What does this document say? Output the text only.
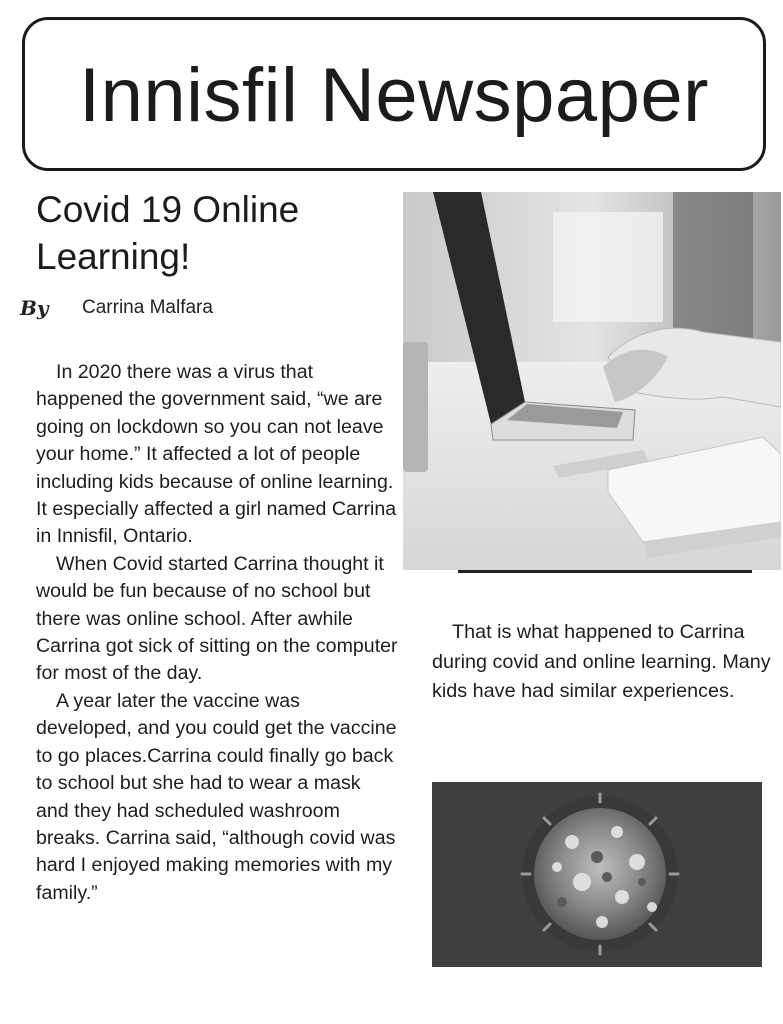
Innisfil Newspaper
Covid 19 Online
Learning!
By Carrina Malfara

In 2020 there was a virus that happened the government said, “we are going on lockdown so you can not leave your home.” It affected a lot of people including kids because of online learning. It especially affected a girl named Carrina in Innisfil, Ontario.

When Covid started Carrina thought it would be fun because of no school but there was online school. After awhile Carrina got sick of sitting on the computer for most of the day.

A year later the vaccine was developed, and you could get the vaccine to go places.Carrina could finally go back to school but she had to wear a mask and they had scheduled washroom breaks. Carrina said, “although covid was hard I enjoyed making memories with my family.”

That is what happened to Carrina during covid and online learning. Many kids have had similar experiences.
